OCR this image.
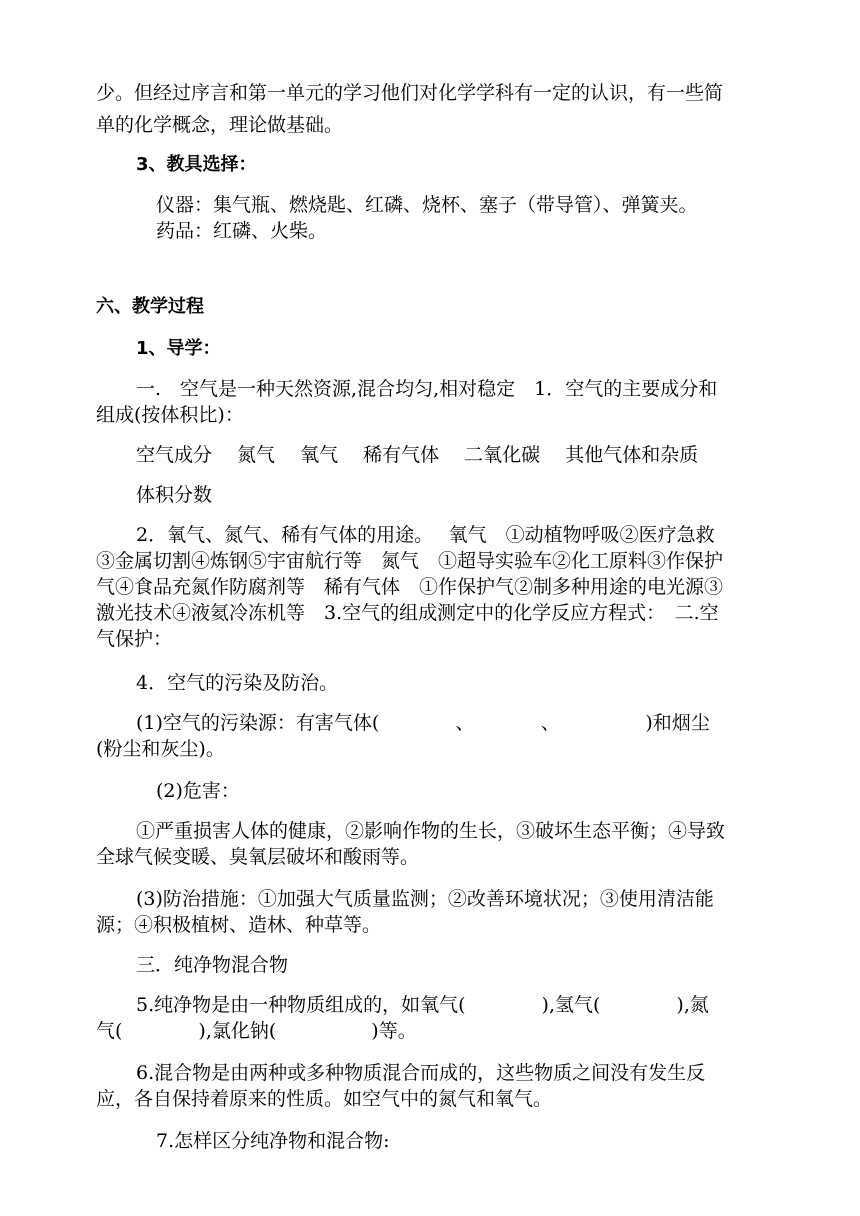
少。但经过序言和第一单元的学习他们对化学学科有一定的认识，有一些简
单的化学概念，理论做基础。
3、教具选择：
仪器：集气瓶、燃烧匙、红磷、烧杯、塞子（带导管）、弹簧夹。
药品：红磷、火柴。
六、教学过程
1、导学：
一.　空气是一种天然资源,混合均匀,相对稳定　1．空气的主要成分和
组成(按体积比)：
空气成分　 氮气　 氧气　 稀有气体　 二氧化碳　 其他气体和杂质
体积分数
2．氧气、氮气、稀有气体的用途。　 氧气　①动植物呼吸②医疗急救
③金属切割④炼钢⑤宇宙航行等　氮气　①超导实验车②化工原料③作保护
气④食品充氮作防腐剂等　稀有气体　①作保护气②制多种用途的电光源③
激光技术④液氦冷冻机等　3.空气的组成测定中的化学反应方程式：　二.空
气保护：
4．空气的污染及防治。
(1)空气的污染源：有害气体(　　　　、　　　　、　　　　　)和烟尘
(粉尘和灰尘)。
(2)危害：
①严重损害人体的健康，②影响作物的生长，③破坏生态平衡；④导致
全球气候变暖、臭氧层破坏和酸雨等。
(3)防治措施：①加强大气质量监测；②改善环境状况；③使用清洁能
源；④积极植树、造林、种草等。
三．纯净物混合物
5.纯净物是由一种物质组成的，如氧气(　　　　),氢气(　　　　),氮
气(　　　　),氯化钠(　　　　　)等。
6.混合物是由两种或多种物质混合而成的，这些物质之间没有发生反
应，各自保持着原来的性质。如空气中的氮气和氧气。
7.怎样区分纯净物和混合物:
